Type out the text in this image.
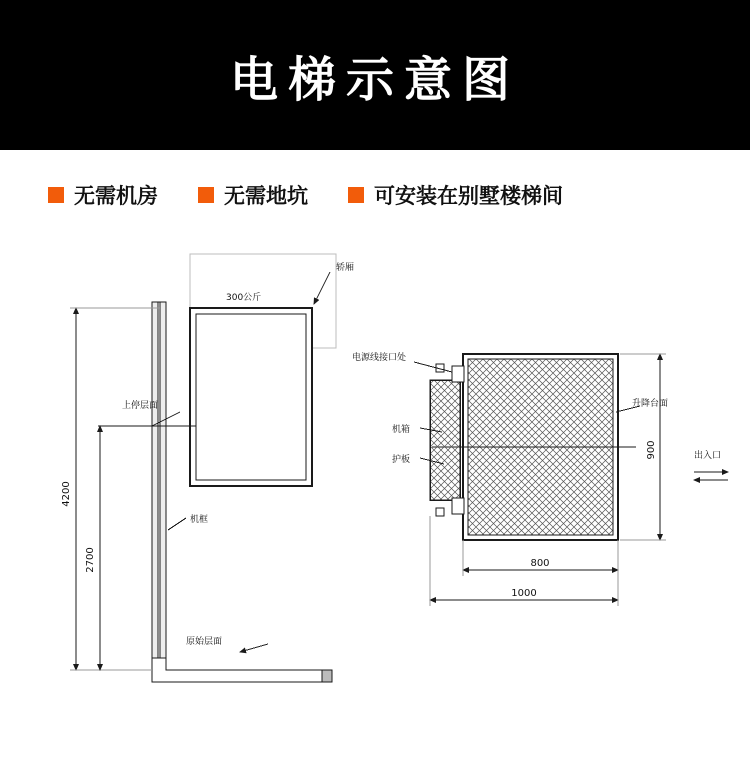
电梯示意图
无需机房	无需地坑	可安装在别墅楼梯间
300公斤
轿厢
上停层面
机框
原始层面
电源线接口处
机箱
护板
升降台面
出入口
4200
2700	800
1000
900
